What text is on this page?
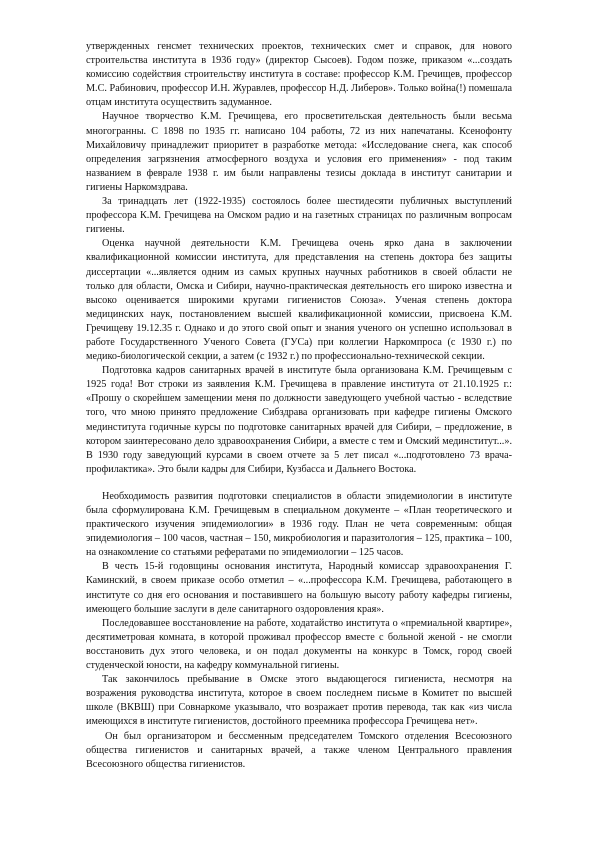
утвержденных генсмет технических проектов, технических смет и справок, для нового строительства института в 1936 году» (директор Сысоев). Годом позже, приказом «...создать комиссию содействия строительству института в составе: профессор К.М. Гречищев, профессор М.С. Рабинович, профессор И.Н. Журавлев, профессор Н.Д. Либеров». Только война(!) помешала отцам института осуществить задуманное.

Научное творчество К.М. Гречищева, его просветительская деятельность были весьма многогранны. С 1898 по 1935 гг. написано 104 работы, 72 из них напечатаны. Ксенофонту Михайловичу принадлежит приоритет в разработке метода: «Исследование снега, как способ определения загрязнения атмосферного воздуха и условия его применения» - под таким названием в феврале 1938 г. им были направлены тезисы доклада в институт санитарии и гигиены Наркомздрава.

За тринадцать лет (1922-1935) состоялось более шестидесяти публичных выступлений профессора К.М. Гречищева на Омском радио и на газетных страницах по различным вопросам гигиены.

Оценка научной деятельности К.М. Гречищева очень ярко дана в заключении квалификационной комиссии института, для представления на степень доктора без защиты диссертации «...является одним из самых крупных научных работников в своей области не только для области, Омска и Сибири, научно-практическая деятельность его широко известна и высоко оценивается широкими кругами гигиенистов Союза». Ученая степень доктора медицинских наук, постановлением высшей квалификационной комиссии, присвоена К.М. Гречищеву 19.12.35 г. Однако и до этого свой опыт и знания ученого он успешно использовал в работе Государственного Ученого Совета (ГУСа) при коллегии Наркомпроса (с 1930 г.) по медико-биологической секции, а затем (с 1932 г.) по профессионально-технической секции.

Подготовка кадров санитарных врачей в институте была организована К.М. Гречищевым с 1925 года! Вот строки из заявления К.М. Гречищева в правление института от 21.10.1925 г.: «Прошу о скорейшем замещении меня по должности заведующего учебной частью - вследствие того, что мною принято предложение Сибздрава организовать при кафедре гигиены Омского мединститута годичные курсы по подготовке санитарных врачей для Сибири, – предложение, в котором заинтересовано дело здравоохранения Сибири, а вместе с тем и Омский мединститут...». В 1930 году заведующий курсами в своем отчете за 5 лет писал «...подготовлено 73 врача-профилактика». Это были кадры для Сибири, Кузбасса и Дальнего Востока.

Необходимость развития подготовки специалистов в области эпидемиологии в институте была сформулирована К.М. Гречищевым в специальном документе – «План теоретического и практического изучения эпидемиологии» в 1936 году. План не чета современным: общая эпидемиология – 100 часов, частная – 150, микробиология и паразитология – 125, практика – 100, на ознакомление со статьями рефератами по эпидемиологии – 125 часов.

В честь 15-й годовщины основания института, Народный комиссар здравоохранения Г. Каминский, в своем приказе особо отметил – «...профессора К.М. Гречищева, работающего в институте со дня его основания и поставившего на большую высоту работу кафедры гигиены, имеющего большие заслуги в деле санитарного оздоровления края».

Последовавшее восстановление на работе, ходатайство института о «премиальной квартире», десятиметровая комната, в которой проживал профессор вместе с больной женой - не смогли восстановить дух этого человека, и он подал документы на конкурс в Томск, город своей студенческой юности, на кафедру коммунальной гигиены.

Так закончилось пребывание в Омске этого выдающегося гигиениста, несмотря на возражения руководства института, которое в своем последнем письме в Комитет по высшей школе (ВКВШ) при Совнаркоме указывало, что возражает против перевода, так как «из числа имеющихся в институте гигиенистов, достойного преемника профессора Гречищева нет».

Он был организатором и бессменным председателем Томского отделения Всесоюзного общества гигиенистов и санитарных врачей, а также членом Центрального правления Всесоюзного общества гигиенистов.
